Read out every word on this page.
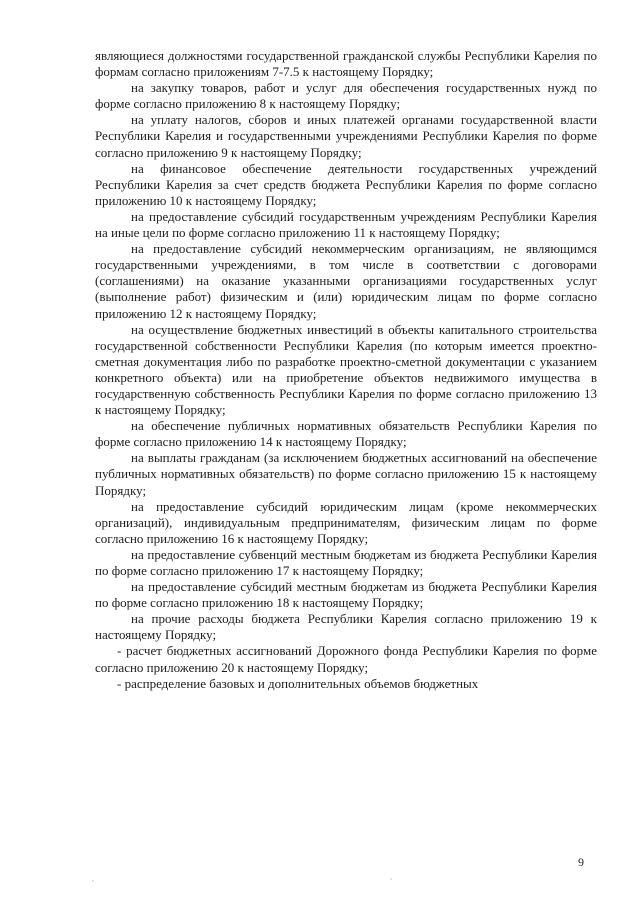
являющиеся должностями государственной гражданской службы Республики Карелия по формам согласно приложениям 7-7.5 к настоящему Порядку;

на закупку товаров, работ и услуг для обеспечения государственных нужд по форме согласно приложению 8 к настоящему Порядку;

на уплату налогов, сборов и иных платежей органами государственной власти Республики Карелия и государственными учреждениями Республики Карелия по форме согласно приложению 9 к настоящему Порядку;

на финансовое обеспечение деятельности государственных учреждений Республики Карелия за счет средств бюджета Республики Карелия по форме согласно приложению 10 к настоящему Порядку;

на предоставление субсидий государственным учреждениям Республики Карелия на иные цели по форме согласно приложению 11 к настоящему Порядку;

на предоставление субсидий некоммерческим организациям, не являющимся государственными учреждениями, в том числе в соответствии с договорами (соглашениями) на оказание указанными организациями государственных услуг (выполнение работ) физическим и (или) юридическим лицам по форме согласно приложению 12 к настоящему Порядку;

на осуществление бюджетных инвестиций в объекты капитального строительства государственной собственности Республики Карелия (по которым имеется проектно-сметная документация либо по разработке проектно-сметной документации с указанием конкретного объекта) или на приобретение объектов недвижимого имущества в государственную собственность Республики Карелия по форме согласно приложению 13 к настоящему Порядку;

на обеспечение публичных нормативных обязательств Республики Карелия по форме согласно приложению 14 к настоящему Порядку;

на выплаты гражданам (за исключением бюджетных ассигнований на обеспечение публичных нормативных обязательств) по форме согласно приложению 15 к настоящему Порядку;

на предоставление субсидий юридическим лицам (кроме некоммерческих организаций), индивидуальным предпринимателям, физическим лицам по форме согласно приложению 16 к настоящему Порядку;

на предоставление субвенций местным бюджетам из бюджета Республики Карелия по форме согласно приложению 17 к настоящему Порядку;

на предоставление субсидий местным бюджетам из бюджета Республики Карелия по форме согласно приложению 18 к настоящему Порядку;

на прочие расходы бюджета Республики Карелия согласно приложению 19 к настоящему Порядку;

- расчет бюджетных ассигнований Дорожного фонда Республики Карелия по форме согласно приложению 20 к настоящему Порядку;

- распределение базовых и дополнительных объемов бюджетных

9
